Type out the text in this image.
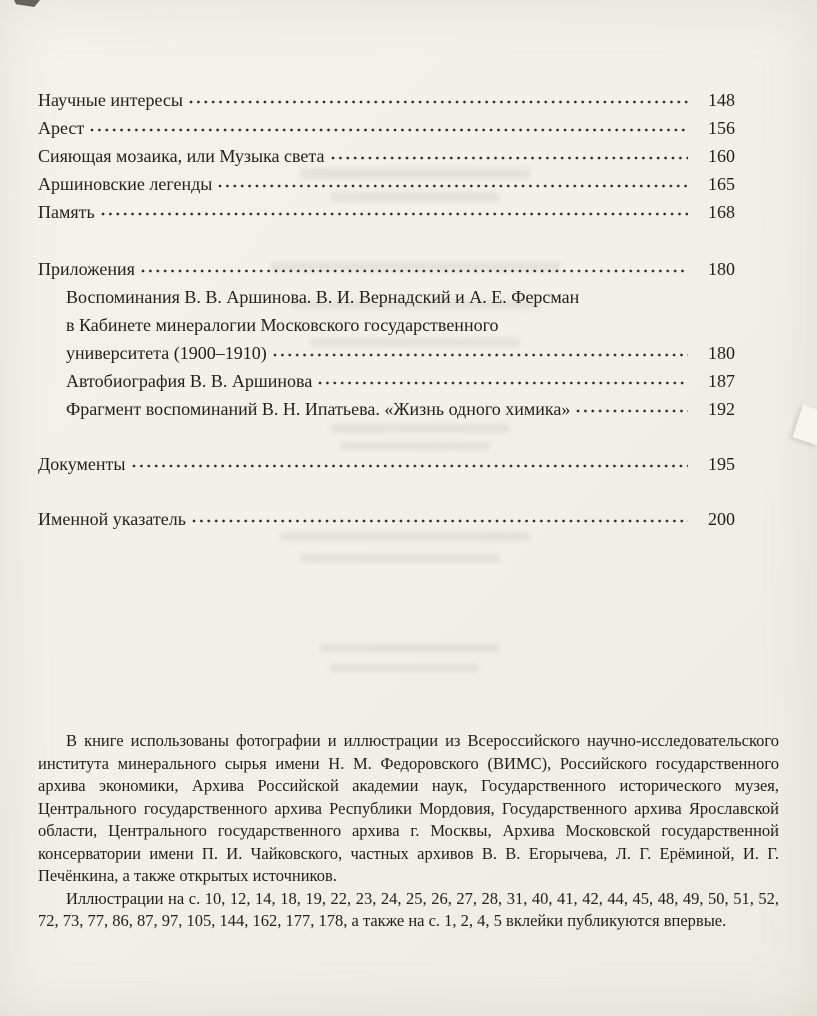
Научные интересы	148
Арест	156
Сияющая мозаика, или Музыка света	160
Аршиновские легенды	165
Память	168
Приложения	180
Воспоминания В. В. Аршинова. В. И. Вернадский и А. Е. Ферсман
в Кабинете минералогии Московского государственного
университета (1900–1910)	180
Автобиография В. В. Аршинова	187
Фрагмент воспоминаний В. Н. Ипатьева. «Жизнь одного химика»	192
Документы	195
Именной указатель	200

В книге использованы фотографии и иллюстрации из Всероссийского научно-исследовательского института минерального сырья имени Н. М. Федоровского (ВИМС), Российского государственного архива экономики, Архива Российской академии наук, Государственного исторического музея, Центрального государственного архива Республики Мордовия, Государственного архива Ярославской области, Центрального государственного архива г. Москвы, Архива Московской государственной консерватории имени П. И. Чайковского, частных архивов В. В. Егорычева, Л. Г. Ерёминой, И. Г. Печёнкина, а также открытых источников.

Иллюстрации на с. 10, 12, 14, 18, 19, 22, 23, 24, 25, 26, 27, 28, 31, 40, 41, 42, 44, 45, 48, 49, 50, 51, 52, 72, 73, 77, 86, 87, 97, 105, 144, 162, 177, 178, а также на с. 1, 2, 4, 5 вклейки публикуются впервые.
